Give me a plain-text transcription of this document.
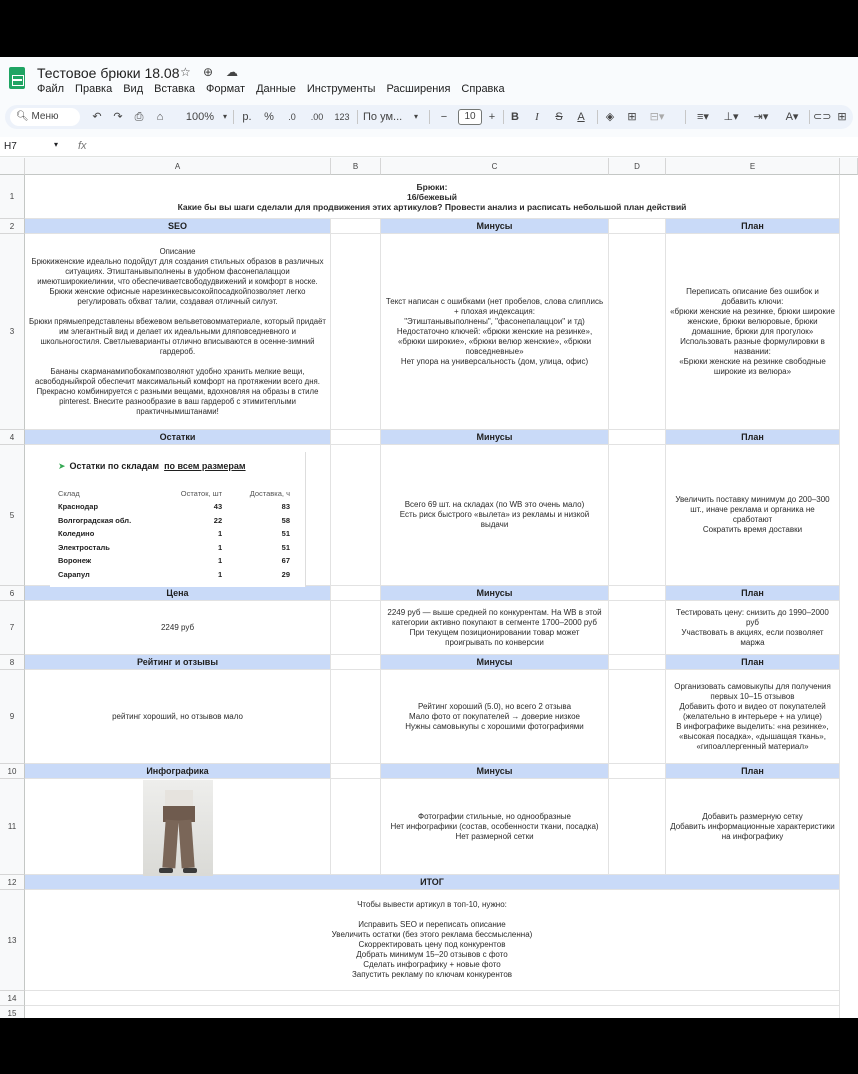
Тестовое брюки 18.08 ☆ ⊕ ☁
Файл Правка Вид Вставка Формат Данные Инструменты Расширения Справка
🔍︎ Меню	↶ ↷ ⎙	⌂	100%	▾	р.	%	.0	.00	123 По ум...	▾	−	10	+	B	I	S	A	◈ ⊞ ⊟▾	≡▾	⊥▾	⇥▾	A▾	⊂⊃ ⊞
H7	▾ fx
A	B	C	D	E
1
2
3
4
5
6
7
8
9
10
11
12
13
14
15
Брюки:
16/бежевый
Какие бы вы шаги сделали для продвижения этих артикулов? Провести анализ и расписать небольшой план действий
SEO	Минусы	План
Описание
Брюкиженские идеально подойдут для создания стильных образов в различных ситуациях. Этиштанывыполнены в удобном фасонепалаццои имеютширокиелинии, что обеспечиваетсвободудвижений и комфорт в носке. Брюки женские офисные нарезинкесвысокойпосадкойпозволяет легко регулировать обхват талии, создавая отличный силуэт.

Брюки прямыепредставлены вбежевом вельветовомматериале, который придаёт им элегантный вид и делает их идеальными дляповседневного и школьногостиля. Светлыеварианты отлично вписываются в осенне-зимний гардероб.

Бананы скарманамипобокампозволяют удобно хранить мелкие вещи, асвободныйкрой обеспечит максимальный комфорт на протяжении всего дня. Прекрасно комбинируется с разными вещами, вдохновляя на образы в стиле pinterest. Внесите разнообразие в ваш гардероб с этимитеплыми практичнымиштанами!
Текст написан с ошибками (нет пробелов, слова слиплись + плохая индексация:
"Этиштанывыполнены", "фасонепалаццои" и тд)
Недостаточно ключей: «брюки женские на резинке», «брюки широкие», «брюки велюр женские», «брюки повседневные»
Нет упора на универсальность (дом, улица, офис)
Переписать описание без ошибок и добавить ключи:
«брюки женские на резинке, брюки широкие женские, брюки велюровые, брюки домашние, брюки для прогулок»
Использовать разные формулировки в названии:
«Брюки женские на резинке свободные широкие из велюра»
Остатки	Минусы	План
Всего 69 шт. на складах (по WB это очень мало)
Есть риск быстрого «вылета» из рекламы и низкой выдачи
Увеличить поставку минимум до 200–300 шт., иначе реклама и органика не сработают
Сократить время доставки
Цена	Минусы	План
2249 руб
2249 руб — выше средней по конкурентам. На WB в этой категории активно покупают в сегменте 1700–2000 руб
При текущем позиционировании товар может проигрывать по конверсии
Тестировать цену: снизить до 1990–2000 руб
Участвовать в акциях, если позволяет маржа
Рейтинг и отзывы	Минусы	План
рейтинг хороший, но отзывов мало
Рейтинг хороший (5.0), но всего 2 отзыва
Мало фото от покупателей → доверие низкое
Нужны самовыкупы с хорошими фотографиями
Организовать самовыкупы для получения первых 10–15 отзывов
Добавить фото и видео от покупателей (желательно в интерьере + на улице)
В инфографике выделить: «на резинке», «высокая посадка», «дышащая ткань», «гипоаллергенный материал»
Инфографика	Минусы	План
Фотографии стильные, но однообразные
Нет инфографики (состав, особенности ткани, посадка)
Нет размерной сетки
Добавить размерную сетку
Добавить информационные характеристики на инфографику
ИТОГ
Чтобы вывести артикул в топ-10, нужно:

Исправить SEO и переписать описание
Увеличить остатки (без этого реклама бессмысленна)
Скорректировать цену под конкурентов
Добрать минимум 15–20 отзывов с фото
Сделать инфографику + новые фото
Запустить рекламу по ключам конкурентов
➤ Остатки по складам по всем размерам
Склад	Остаток, шт	Доставка, ч
Краснодар	43	83
Волгоградская обл.	22	58
Коледино	1	51
Электросталь	1	51
Воронеж	1	67
Сарапул	1	29
